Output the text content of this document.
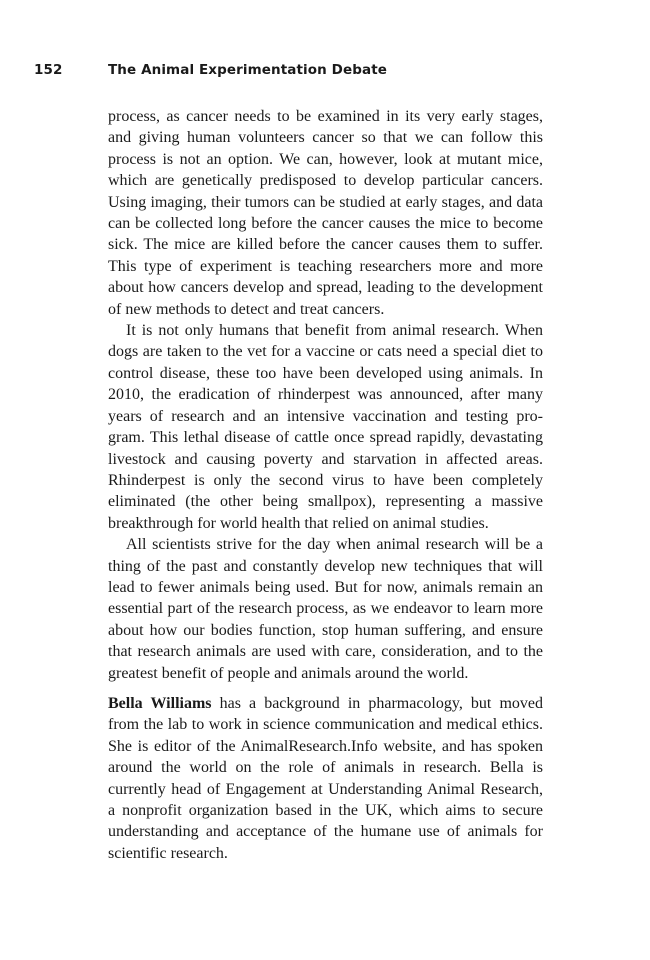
152	The Animal Experimentation Debate

process, as cancer needs to be examined in its very early stages, and giving human volunteers cancer so that we can follow this process is not an option. We can, however, look at mutant mice, which are genetically predisposed to develop particular cancers. Using imaging, their tumors can be studied at early stages, and data can be collected long before the cancer causes the mice to become sick. The mice are killed before the cancer causes them to suffer. This type of experiment is teaching researchers more and more about how cancers develop and spread, leading to the development of new methods to detect and treat cancers.

It is not only humans that benefit from animal research. When dogs are taken to the vet for a vaccine or cats need a special diet to control disease, these too have been developed using animals. In 2010, the eradication of rhinderpest was announced, after many years of research and an intensive vaccination and testing pro-gram. This lethal disease of cattle once spread rapidly, devastating livestock and causing poverty and starvation in affected areas. Rhinderpest is only the second virus to have been completely eliminated (the other being smallpox), representing a massive breakthrough for world health that relied on animal studies.

All scientists strive for the day when animal research will be a thing of the past and constantly develop new techniques that will lead to fewer animals being used. But for now, animals remain an essential part of the research process, as we endeavor to learn more about how our bodies function, stop human suffering, and ensure that research animals are used with care, consideration, and to the greatest benefit of people and animals around the world.

Bella Williams has a background in pharmacology, but moved from the lab to work in science communication and medical ethics. She is editor of the AnimalResearch.Info website, and has spoken around the world on the role of animals in research. Bella is currently head of Engagement at Understanding Animal Research, a nonprofit organization based in the UK, which aims to secure understanding and acceptance of the humane use of animals for scientific research.
